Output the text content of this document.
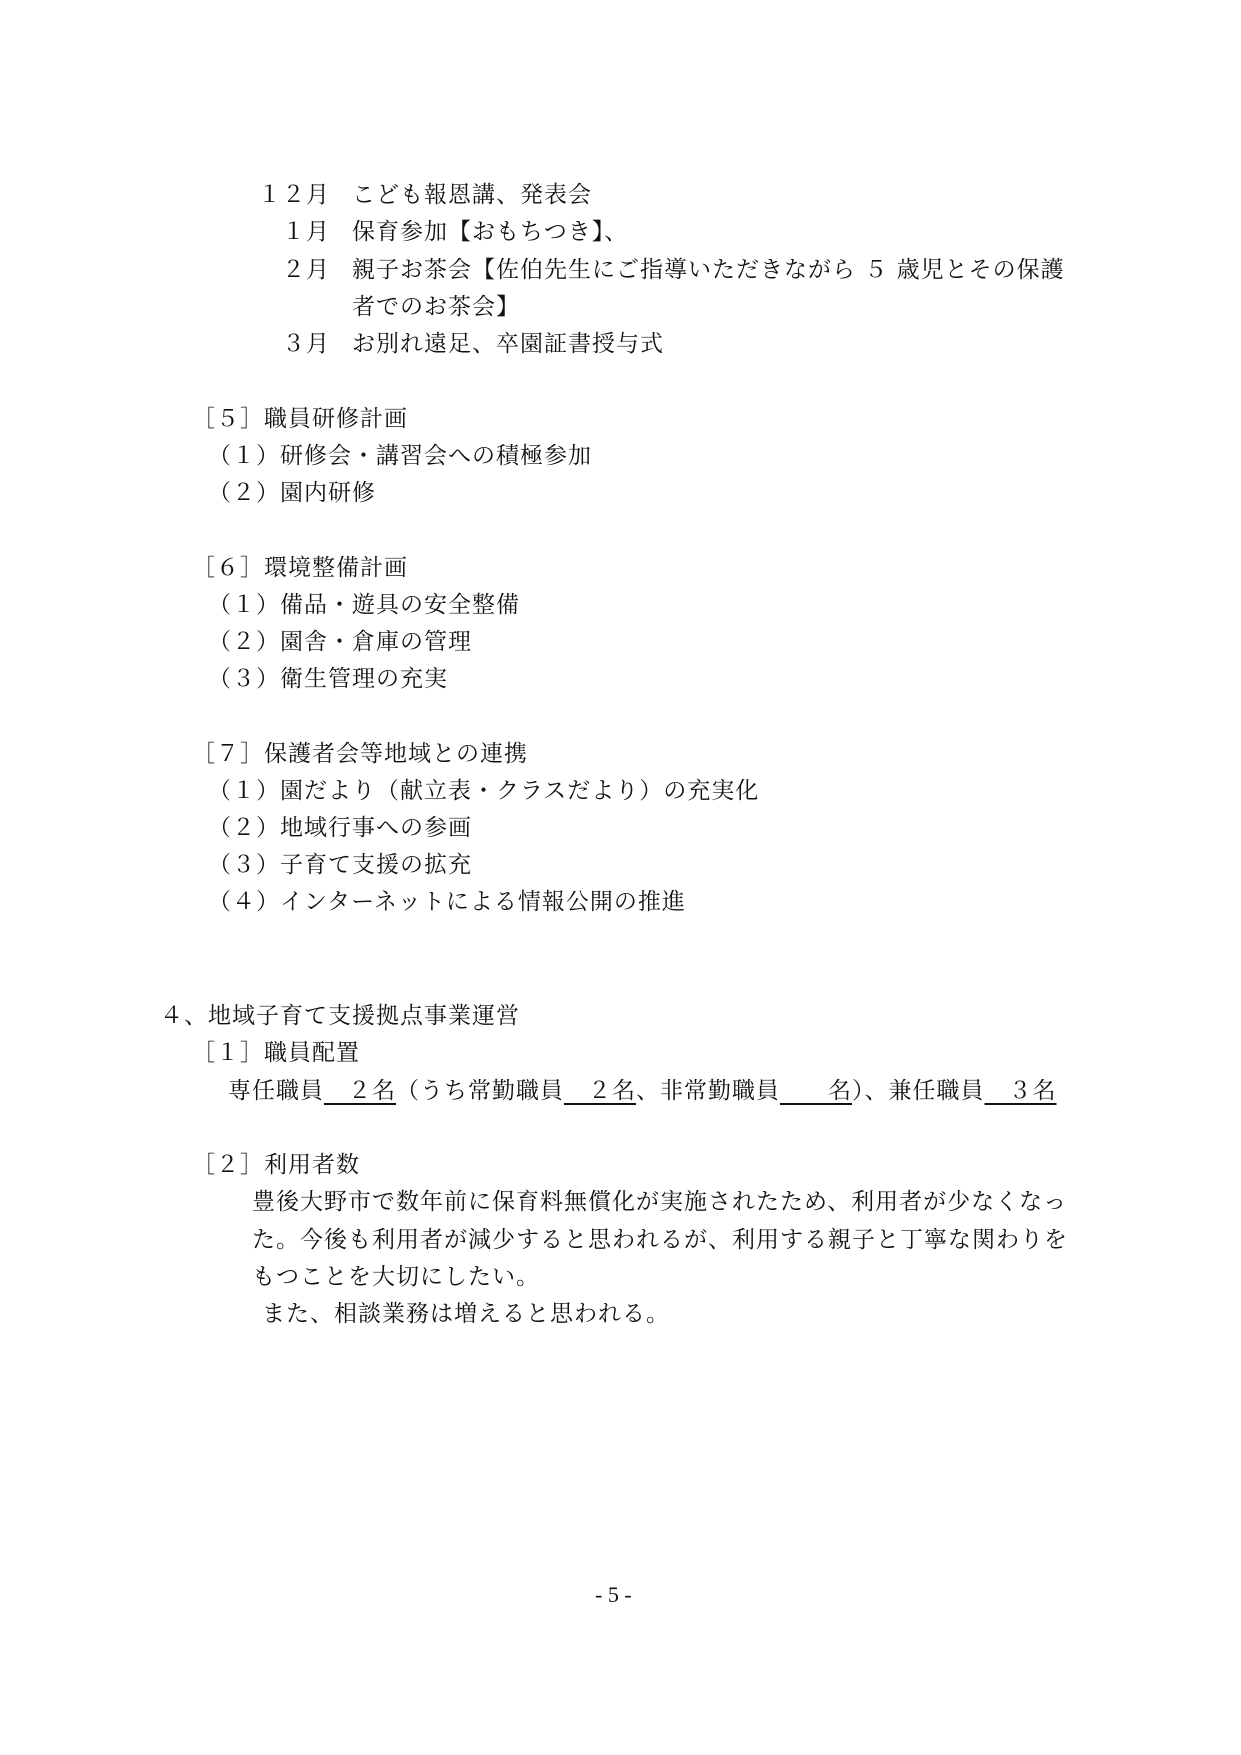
１２月 こども報恩講、発表会
１月 保育参加【おもちつき】、
２月 親子お茶会【佐伯先生にご指導いただきながら ５ 歳児とその保護
者でのお茶会】
３月 お別れ遠足、卒園証書授与式
［５］職員研修計画
（１）研修会・講習会への積極参加
（２）園内研修
［６］環境整備計画
（１）備品・遊具の安全整備
（２）園舎・倉庫の管理
（３）衛生管理の充実
［７］保護者会等地域との連携
（１）園だより（献立表・クラスだより）の充実化
（２）地域行事への参画
（３）子育て支援の拡充
（４）インターネットによる情報公開の推進
４、地域子育て支援拠点事業運営
［１］職員配置
専任職員　２名（うち常勤職員　２名、非常勤職員　　名）、兼任職員　３名
［２］利用者数
豊後大野市で数年前に保育料無償化が実施されたため、利用者が少なくなっ
た。今後も利用者が減少すると思われるが、利用する親子と丁寧な関わりを
もつことを大切にしたい。
また、相談業務は増えると思われる。
- 5 -
